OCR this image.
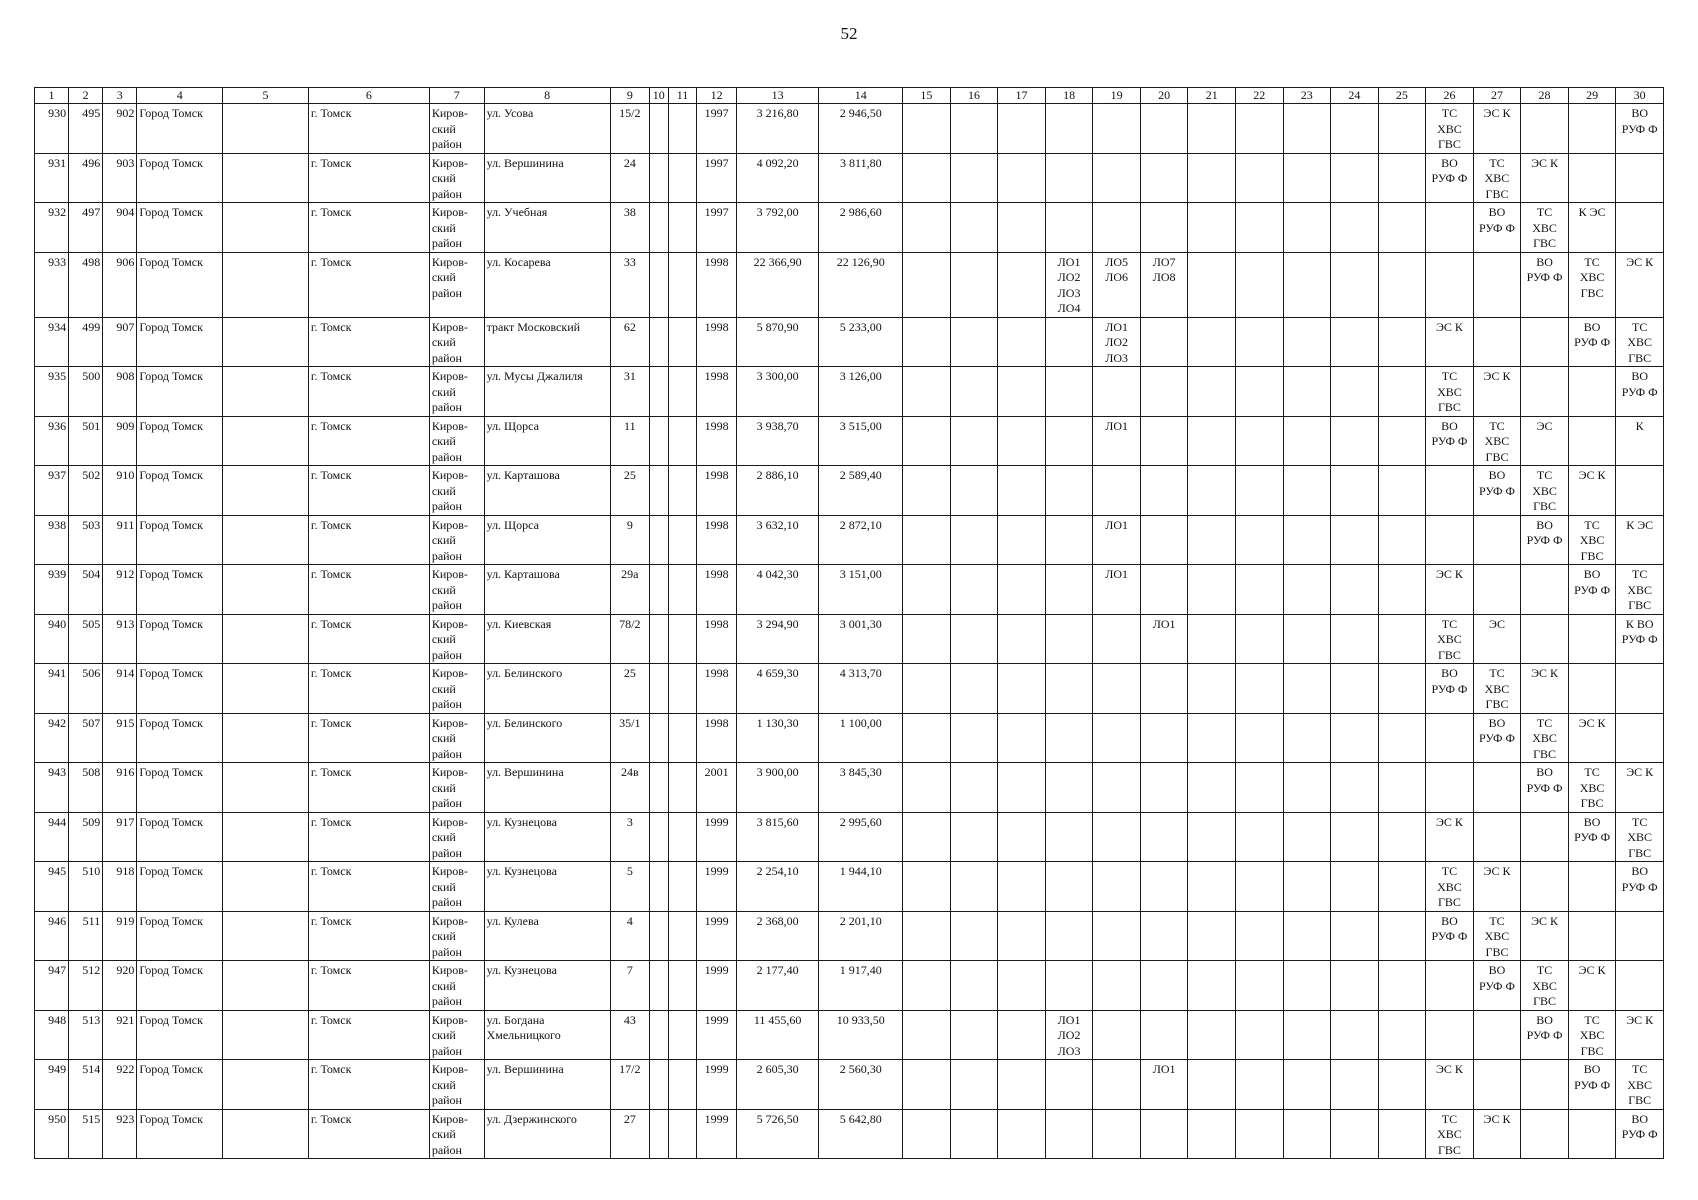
52
1	2	3	4	5	6	7	8	9	10	11	12	13	14	15	16	17	18	19	20	21	22	23	24	25	26	27	28	29	30
930	495	902	Город Томск		г. Томск	Киров-
ский
район	ул. Усова	15/2			1997	3 216,80	2 946,50												ТС
ХВС
ГВС	ЭС К			ВО
РУФ Ф
931	496	903	Город Томск		г. Томск	Киров-
ский
район	ул. Вершинина	24			1997	4 092,20	3 811,80												ВО
РУФ Ф	ТС
ХВС
ГВС	ЭС К		
932	497	904	Город Томск		г. Томск	Киров-
ский
район	ул. Учебная	38			1997	3 792,00	2 986,60													ВО
РУФ Ф	ТС
ХВС
ГВС	К ЭС	
933	498	906	Город Томск		г. Томск	Киров-
ский
район	ул. Косарева	33			1998	22 366,90	22 126,90				ЛО1
ЛО2
ЛО3
ЛО4	ЛО5
ЛО6	ЛО7
ЛО8								ВО
РУФ Ф	ТС
ХВС
ГВС	ЭС К
934	499	907	Город Томск		г. Томск	Киров-
ский
район	тракт Московский	62			1998	5 870,90	5 233,00					ЛО1
ЛО2
ЛО3							ЭС К			ВО
РУФ Ф	ТС
ХВС
ГВС
935	500	908	Город Томск		г. Томск	Киров-
ский
район	ул. Мусы Джалиля	31			1998	3 300,00	3 126,00												ТС
ХВС
ГВС	ЭС К			ВО
РУФ Ф
936	501	909	Город Томск		г. Томск	Киров-
ский
район	ул. Щорса	11			1998	3 938,70	3 515,00					ЛО1							ВО
РУФ Ф	ТС
ХВС
ГВС	ЭС		К
937	502	910	Город Томск		г. Томск	Киров-
ский
район	ул. Карташова	25			1998	2 886,10	2 589,40													ВО
РУФ Ф	ТС
ХВС
ГВС	ЭС К	
938	503	911	Город Томск		г. Томск	Киров-
ский
район	ул. Щорса	9			1998	3 632,10	2 872,10					ЛО1									ВО
РУФ Ф	ТС
ХВС
ГВС	К ЭС
939	504	912	Город Томск		г. Томск	Киров-
ский
район	ул. Карташова	29а			1998	4 042,30	3 151,00					ЛО1							ЭС К			ВО
РУФ Ф	ТС
ХВС
ГВС
940	505	913	Город Томск		г. Томск	Киров-
ский
район	ул. Киевская	78/2			1998	3 294,90	3 001,30						ЛО1						ТС
ХВС
ГВС	ЭС			К ВО
РУФ Ф
941	506	914	Город Томск		г. Томск	Киров-
ский
район	ул. Белинского	25			1998	4 659,30	4 313,70												ВО
РУФ Ф	ТС
ХВС
ГВС	ЭС К		
942	507	915	Город Томск		г. Томск	Киров-
ский
район	ул. Белинского	35/1			1998	1 130,30	1 100,00													ВО
РУФ Ф	ТС
ХВС
ГВС	ЭС К	
943	508	916	Город Томск		г. Томск	Киров-
ский
район	ул. Вершинина	24в			2001	3 900,00	3 845,30														ВО
РУФ Ф	ТС
ХВС
ГВС	ЭС К
944	509	917	Город Томск		г. Томск	Киров-
ский
район	ул. Кузнецова	3			1999	3 815,60	2 995,60												ЭС К			ВО
РУФ Ф	ТС
ХВС
ГВС
945	510	918	Город Томск		г. Томск	Киров-
ский
район	ул. Кузнецова	5			1999	2 254,10	1 944,10												ТС
ХВС
ГВС	ЭС К			ВО
РУФ Ф
946	511	919	Город Томск		г. Томск	Киров-
ский
район	ул. Кулева	4			1999	2 368,00	2 201,10												ВО
РУФ Ф	ТС
ХВС
ГВС	ЭС К		
947	512	920	Город Томск		г. Томск	Киров-
ский
район	ул. Кузнецова	7			1999	2 177,40	1 917,40													ВО
РУФ Ф	ТС
ХВС
ГВС	ЭС К	
948	513	921	Город Томск		г. Томск	Киров-
ский
район	ул. Богдана
Хмельницкого	43			1999	11 455,60	10 933,50				ЛО1
ЛО2
ЛО3										ВО
РУФ Ф	ТС
ХВС
ГВС	ЭС К
949	514	922	Город Томск		г. Томск	Киров-
ский
район	ул. Вершинина	17/2			1999	2 605,30	2 560,30						ЛО1						ЭС К			ВО
РУФ Ф	ТС
ХВС
ГВС
950	515	923	Город Томск		г. Томск	Киров-
ский
район	ул. Дзержинского	27			1999	5 726,50	5 642,80												ТС
ХВС
ГВС	ЭС К			ВО
РУФ Ф
